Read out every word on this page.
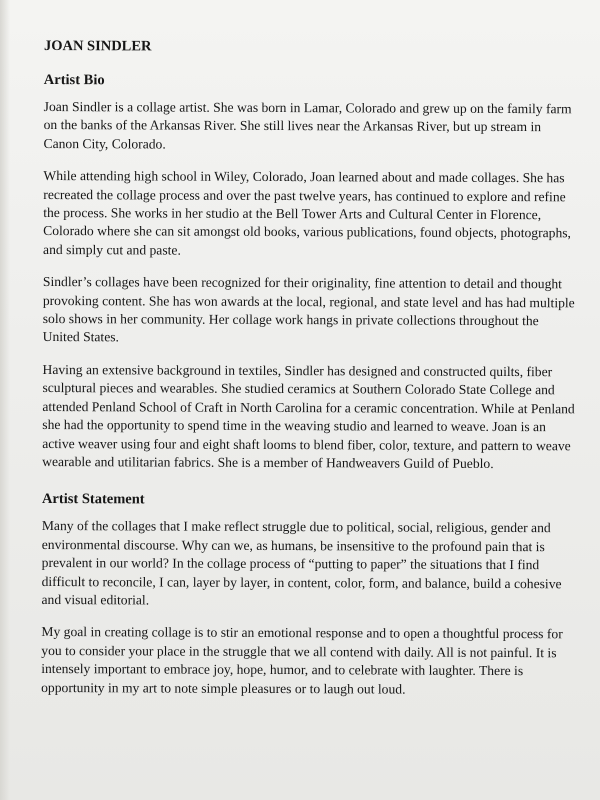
JOAN SINDLER
Artist Bio

Joan Sindler is a collage artist. She was born in Lamar, Colorado and grew up on the family farm on the banks of the Arkansas River. She still lives near the Arkansas River, but up stream in Canon City, Colorado.

While attending high school in Wiley, Colorado, Joan learned about and made collages. She has recreated the collage process and over the past twelve years, has continued to explore and refine the process. She works in her studio at the Bell Tower Arts and Cultural Center in Florence, Colorado where she can sit amongst old books, various publications, found objects, photographs, and simply cut and paste.

Sindler’s collages have been recognized for their originality, fine attention to detail and thought provoking content. She has won awards at the local, regional, and state level and has had multiple solo shows in her community. Her collage work hangs in private collections throughout the United States.

Having an extensive background in textiles, Sindler has designed and constructed quilts, fiber sculptural pieces and wearables. She studied ceramics at Southern Colorado State College and attended Penland School of Craft in North Carolina for a ceramic concentration. While at Penland she had the opportunity to spend time in the weaving studio and learned to weave. Joan is an active weaver using four and eight shaft looms to blend fiber, color, texture, and pattern to weave wearable and utilitarian fabrics. She is a member of Handweavers Guild of Pueblo.

Artist Statement

Many of the collages that I make reflect struggle due to political, social, religious, gender and environmental discourse. Why can we, as humans, be insensitive to the profound pain that is prevalent in our world? In the collage process of “putting to paper” the situations that I find difficult to reconcile, I can, layer by layer, in content, color, form, and balance, build a cohesive and visual editorial.

My goal in creating collage is to stir an emotional response and to open a thoughtful process for you to consider your place in the struggle that we all contend with daily. All is not painful. It is intensely important to embrace joy, hope, humor, and to celebrate with laughter. There is opportunity in my art to note simple pleasures or to laugh out loud.
